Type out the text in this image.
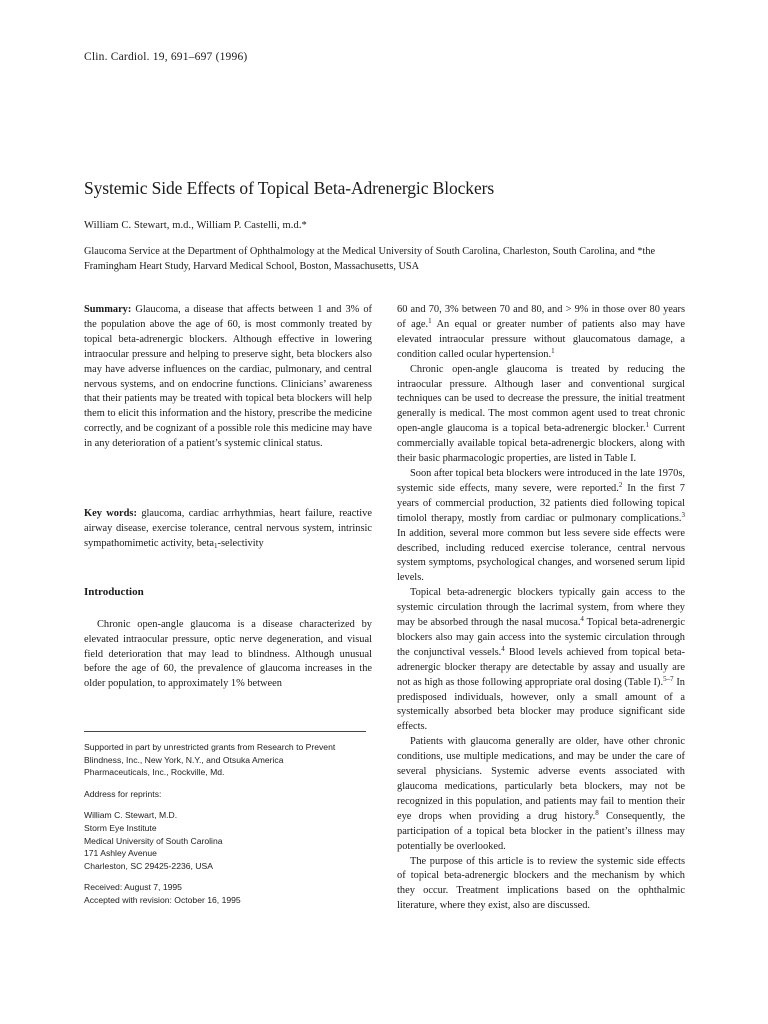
Clin. Cardiol. 19, 691–697 (1996)
Systemic Side Effects of Topical Beta-Adrenergic Blockers
William C. Stewart, m.d., William P. Castelli, m.d.*
Glaucoma Service at the Department of Ophthalmology at the Medical University of South Carolina, Charleston, South Carolina, and *the Framingham Heart Study, Harvard Medical School, Boston, Massachusetts, USA

Summary: Glaucoma, a disease that affects between 1 and 3% of the population above the age of 60, is most commonly treated by topical beta-adrenergic blockers. Although effective in lowering intraocular pressure and helping to preserve sight, beta blockers also may have adverse influences on the cardiac, pulmonary, and central nervous systems, and on endocrine functions. Clinicians’ awareness that their patients may be treated with topical beta blockers will help them to elicit this information and the history, prescribe the medicine correctly, and be cognizant of a possible role this medicine may have in any deterioration of a patient’s systemic clinical status.

Key words: glaucoma, cardiac arrhythmias, heart failure, reactive airway disease, exercise tolerance, central nervous system, intrinsic sympathomimetic activity, beta$_1$-selectivity

Introduction

Chronic open-angle glaucoma is a disease characterized by elevated intraocular pressure, optic nerve degeneration, and visual field deterioration that may lead to blindness. Although unusual before the age of 60, the prevalence of glaucoma increases in the older population, to approximately 1% between

60 and 70, 3% between 70 and 80, and > 9% in those over 80 years of age.$^1$ An equal or greater number of patients also may have elevated intraocular pressure without glaucomatous damage, a condition called ocular hypertension.$^1$

Chronic open-angle glaucoma is treated by reducing the intraocular pressure. Although laser and conventional surgical techniques can be used to decrease the pressure, the initial treatment generally is medical. The most common agent used to treat chronic open-angle glaucoma is a topical beta-adrenergic blocker.$^1$ Current commercially available topical beta-adrenergic blockers, along with their basic pharmacologic properties, are listed in Table I.

Soon after topical beta blockers were introduced in the late 1970s, systemic side effects, many severe, were reported.$^2$ In the first 7 years of commercial production, 32 patients died following topical timolol therapy, mostly from cardiac or pulmonary complications.$^3$ In addition, several more common but less severe side effects were described, including reduced exercise tolerance, central nervous system symptoms, psychological changes, and worsened serum lipid levels.

Topical beta-adrenergic blockers typically gain access to the systemic circulation through the lacrimal system, from where they may be absorbed through the nasal mucosa.$^4$ Topical beta-adrenergic blockers also may gain access into the systemic circulation through the conjunctival vessels.$^4$ Blood levels achieved from topical beta-adrenergic blocker therapy are detectable by assay and usually are not as high as those following appropriate oral dosing (Table I).$^{5-7}$ In predisposed individuals, however, only a small amount of a systemically absorbed beta blocker may produce significant side effects.

Patients with glaucoma generally are older, have other chronic conditions, use multiple medications, and may be under the care of several physicians. Systemic adverse events associated with glaucoma medications, particularly beta blockers, may not be recognized in this population, and patients may fail to mention their eye drops when providing a drug history.$^8$ Consequently, the participation of a topical beta blocker in the patient’s illness may potentially be overlooked.

The purpose of this article is to review the systemic side effects of topical beta-adrenergic blockers and the mechanism by which they occur. Treatment implications based on the ophthalmic literature, where they exist, also are discussed.

Supported in part by unrestricted grants from Research to Prevent
Blindness, Inc., New York, N.Y., and Otsuka America
Pharmaceuticals, Inc., Rockville, Md.

Address for reprints:

William C. Stewart, M.D.
Storm Eye Institute
Medical University of South Carolina
171 Ashley Avenue
Charleston, SC 29425-2236, USA

Received: August 7, 1995
Accepted with revision: October 16, 1995
